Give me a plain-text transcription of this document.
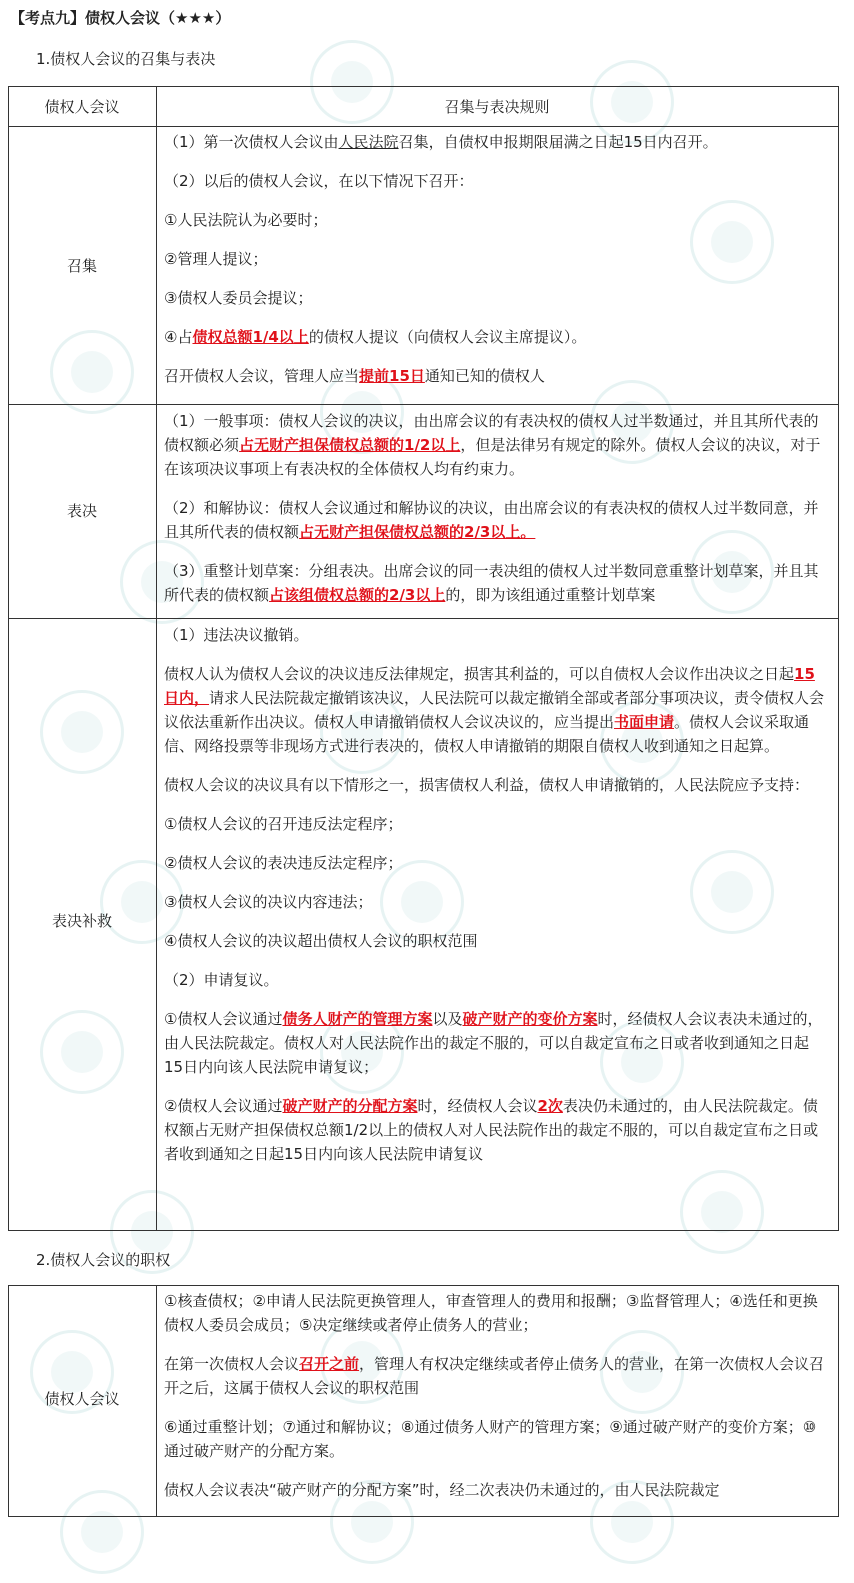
【考点九】债权人会议（★★★）
1.债权人会议的召集与表决
债权人会议	召集与表决规则
召集

（1）第一次债权人会议由人民法院召集，自债权申报期限届满之日起15日内召开。

（2）以后的债权人会议，在以下情况下召开：

①人民法院认为必要时；

②管理人提议；

③债权人委员会提议；

④占债权总额1/4以上的债权人提议（向债权人会议主席提议）。

召开债权人会议，管理人应当提前15日通知已知的债权人

表决

（1）一般事项：债权人会议的决议，由出席会议的有表决权的债权人过半数通过，并且其所代表的债权额必须占无财产担保债权总额的1/2以上，但是法律另有规定的除外。债权人会议的决议，对于在该项决议事项上有表决权的全体债权人均有约束力。

（2）和解协议：债权人会议通过和解协议的决议，由出席会议的有表决权的债权人过半数同意，并且其所代表的债权额占无财产担保债权总额的2/3以上。

（3）重整计划草案：分组表决。出席会议的同一表决组的债权人过半数同意重整计划草案，并且其所代表的债权额占该组债权总额的2/3以上的，即为该组通过重整计划草案

表决补救

（1）违法决议撤销。

债权人认为债权人会议的决议违反法律规定，损害其利益的，可以自债权人会议作出决议之日起15日内，请求人民法院裁定撤销该决议，人民法院可以裁定撤销全部或者部分事项决议，责令债权人会议依法重新作出决议。债权人申请撤销债权人会议决议的，应当提出书面申请。债权人会议采取通信、网络投票等非现场方式进行表决的，债权人申请撤销的期限自债权人收到通知之日起算。

债权人会议的决议具有以下情形之一，损害债权人利益，债权人申请撤销的，人民法院应予支持：

①债权人会议的召开违反法定程序；

②债权人会议的表决违反法定程序；

③债权人会议的决议内容违法；

④债权人会议的决议超出债权人会议的职权范围

（2）申请复议。

①债权人会议通过债务人财产的管理方案以及破产财产的变价方案时，经债权人会议表决未通过的，由人民法院裁定。债权人对人民法院作出的裁定不服的，可以自裁定宣布之日或者收到通知之日起15日内向该人民法院申请复议；

②债权人会议通过破产财产的分配方案时，经债权人会议2次表决仍未通过的，由人民法院裁定。债权额占无财产担保债权总额1/2以上的债权人对人民法院作出的裁定不服的，可以自裁定宣布之日或者收到通知之日起15日内向该人民法院申请复议

2.债权人会议的职权
债权人会议

①核查债权；②申请人民法院更换管理人，审查管理人的费用和报酬；③监督管理人；④选任和更换债权人委员会成员；⑤决定继续或者停止债务人的营业；

在第一次债权人会议召开之前，管理人有权决定继续或者停止债务人的营业，在第一次债权人会议召开之后，这属于债权人会议的职权范围

⑥通过重整计划；⑦通过和解协议；⑧通过债务人财产的管理方案；⑨通过破产财产的变价方案；⑩通过破产财产的分配方案。

债权人会议表决“破产财产的分配方案”时，经二次表决仍未通过的，由人民法院裁定
